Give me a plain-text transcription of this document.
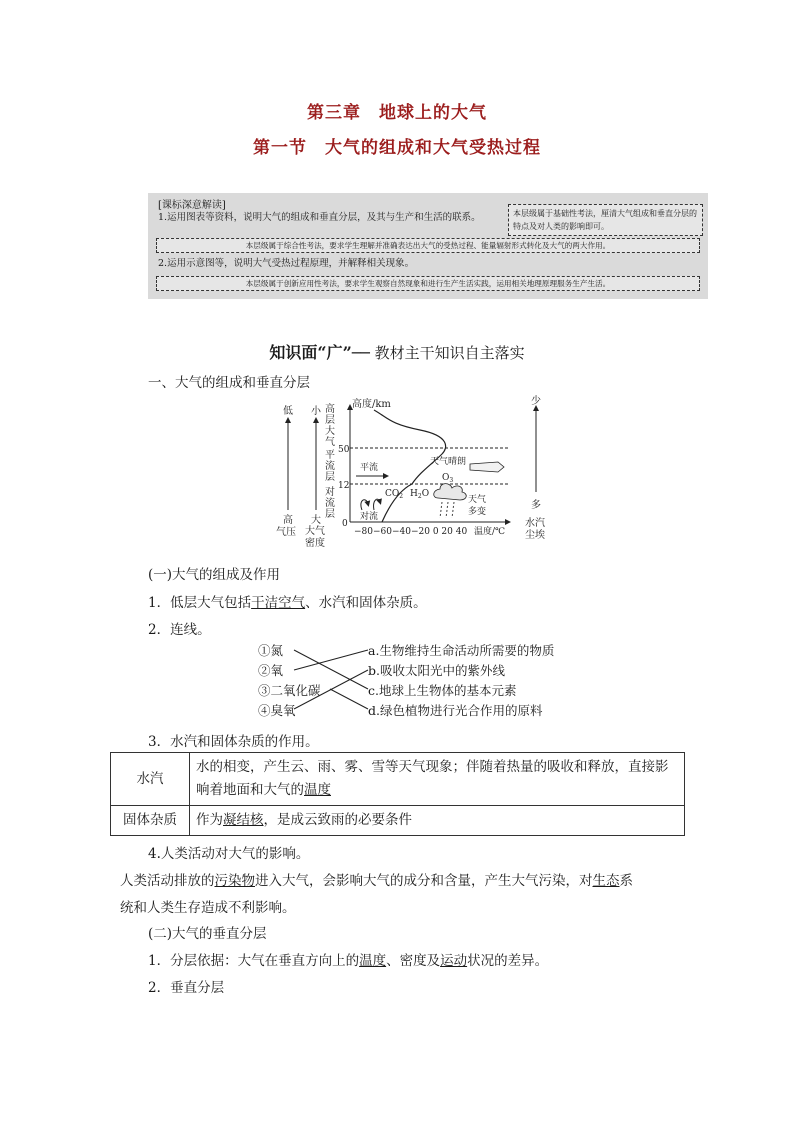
第三章　地球上的大气
第一节　大气的组成和大气受热过程
[课标深意解读]
1.运用图表等资料，说明大气的组成和垂直分层，及其与生产和生活的联系。	本层级属于基础性考法，厘清大气组成和垂直分层的特点及对人类的影响即可。
本层级属于综合性考法，要求学生理解并准确表达出大气的受热过程、能量辐射形式转化及大气的两大作用。
2.运用示意图等，说明大气受热过程原理，并解释相关现象。
本层级属于创新应用性考法，要求学生观察自然现象和进行生产生活实践，运用相关地理原理服务生产生活。
知识面“广”── 教材主干知识自主落实
一、大气的组成和垂直分层
低
高
气压
小
大
大气
密度
高层大气
平流层
对流层
高度/km
50
12
0
平流
天气晴朗
$O_3$
$CO_2$ $H_2O$
对流
天气
多变
−80−60−40−20 0 20 40 温度/℃
少
多
水汽
尘埃
(一)大气的组成及作用
1．低层大气包括干洁空气、水汽和固体杂质。
2．连线。
①氮
②氧
③二氧化碳
④臭氧
a.生物维持生命活动所需要的物质
b.吸收太阳光中的紫外线
c.地球上生物体的基本元素
d.绿色植物进行光合作用的原料
3．水汽和固体杂质的作用。
水汽	水的相变，产生云、雨、雾、雪等天气现象；伴随着热量的吸收和释放，直接影响着地面和大气的温度
固体杂质	作为凝结核，是成云致雨的必要条件
4.人类活动对大气的影响。
人类活动排放的污染物进入大气，会影响大气的成分和含量，产生大气污染，对生态系
统和人类生存造成不利影响。
(二)大气的垂直分层
1．分层依据：大气在垂直方向上的温度、密度及运动状况的差异。
2．垂直分层
